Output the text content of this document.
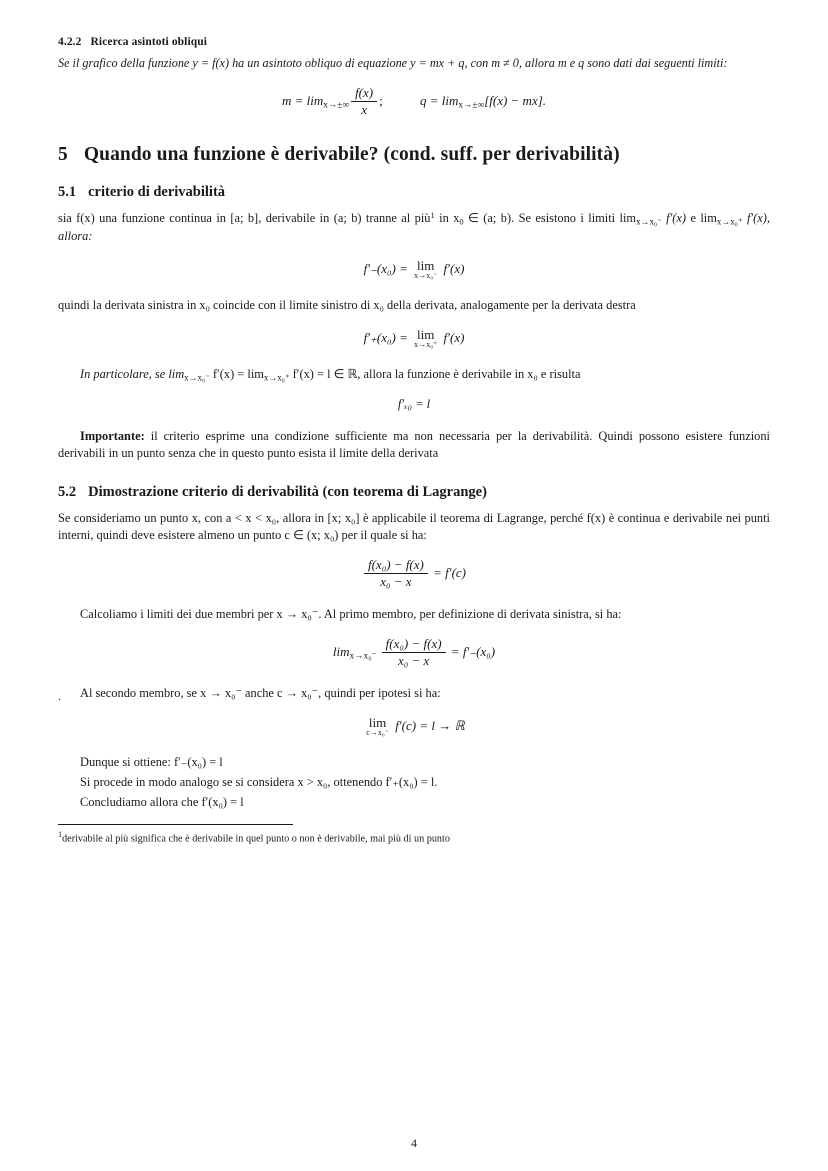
4.2.2 Ricerca asintoti obliqui

Se il grafico della funzione y = f(x) ha un asintoto obliquo di equazione y = mx + q, con m ≠ 0, allora m e q sono dati dai seguenti limiti:

$m = \lim_{x\to\pm\infty} \frac{f(x)}{x}$ ;	$q = \lim_{x\to\pm\infty}[f(x) - mx]$.
5 Quando una funzione è derivabile? (cond. suff. per derivabilità)
5.1 criterio di derivabilità

sia f(x) una funzione continua in [a; b], derivabile in (a; b) tranne al più$^1$ in $x_0$ ∈ (a; b). Se esistono i limiti $\lim_{x\to x_0^-} f'(x)$ e $\lim_{x\to x_0^+} f'(x)$, allora:

f′₋(x₀) = lim
x→x₀⁻
f′(x)

quindi la derivata sinistra in x₀ coincide con il limite sinistro di x₀ della derivata, analogamente per la derivata destra

f′₊(x₀) = lim
x→x₀⁺
f′(x)

In particolare, se $\lim_{x\to x_0^-} f'(x) = \lim_{x\to x_0^+} f'(x) = l$ ∈ ℝ, allora la funzione è derivabile in x₀ e risulta

f′ₓ₀ = l

Importante: il criterio esprime una condizione sufficiente ma non necessaria per la derivabilità. Quindi possono esistere funzioni derivabili in un punto senza che in questo punto esista il limite della derivata

5.2 Dimostrazione criterio di derivabilità (con teorema di Lagrange)

Se consideriamo un punto x, con a < x < x₀, allora in [x; x₀] è applicabile il teorema di Lagrange, perché f(x) è continua e derivabile nei punti interni, quindi deve esistere almeno un punto c ∈ (x; x₀) per il quale si ha:

$\frac{\text{f(x₀) − f(x)}}{\text{x₀ − x}} = f'(c)$

Calcoliamo i limiti dei due membri per x → x₀⁻. Al primo membro, per definizione di derivata sinistra, si ha:

$\lim_{x\to x_0^-} \frac{\text{f(x₀) − f(x)}}{\text{x₀ − x}} = f'_-(x_0)$
.	Al secondo membro, se x → x₀⁻ anche c → x₀⁻, quindi per ipotesi si ha:

lim
c→x₀⁻
f′(c) = l → ℝ

Dunque si ottiene: f′₋(x₀) = l

Si procede in modo analogo se si considera x > x₀, ottenendo f′₊(x₀) = l.

Concludiamo allora che f′(x₀) = l

$^1$derivabile al più significa che è derivabile in quel punto o non è derivabile, mai più di un punto
4
